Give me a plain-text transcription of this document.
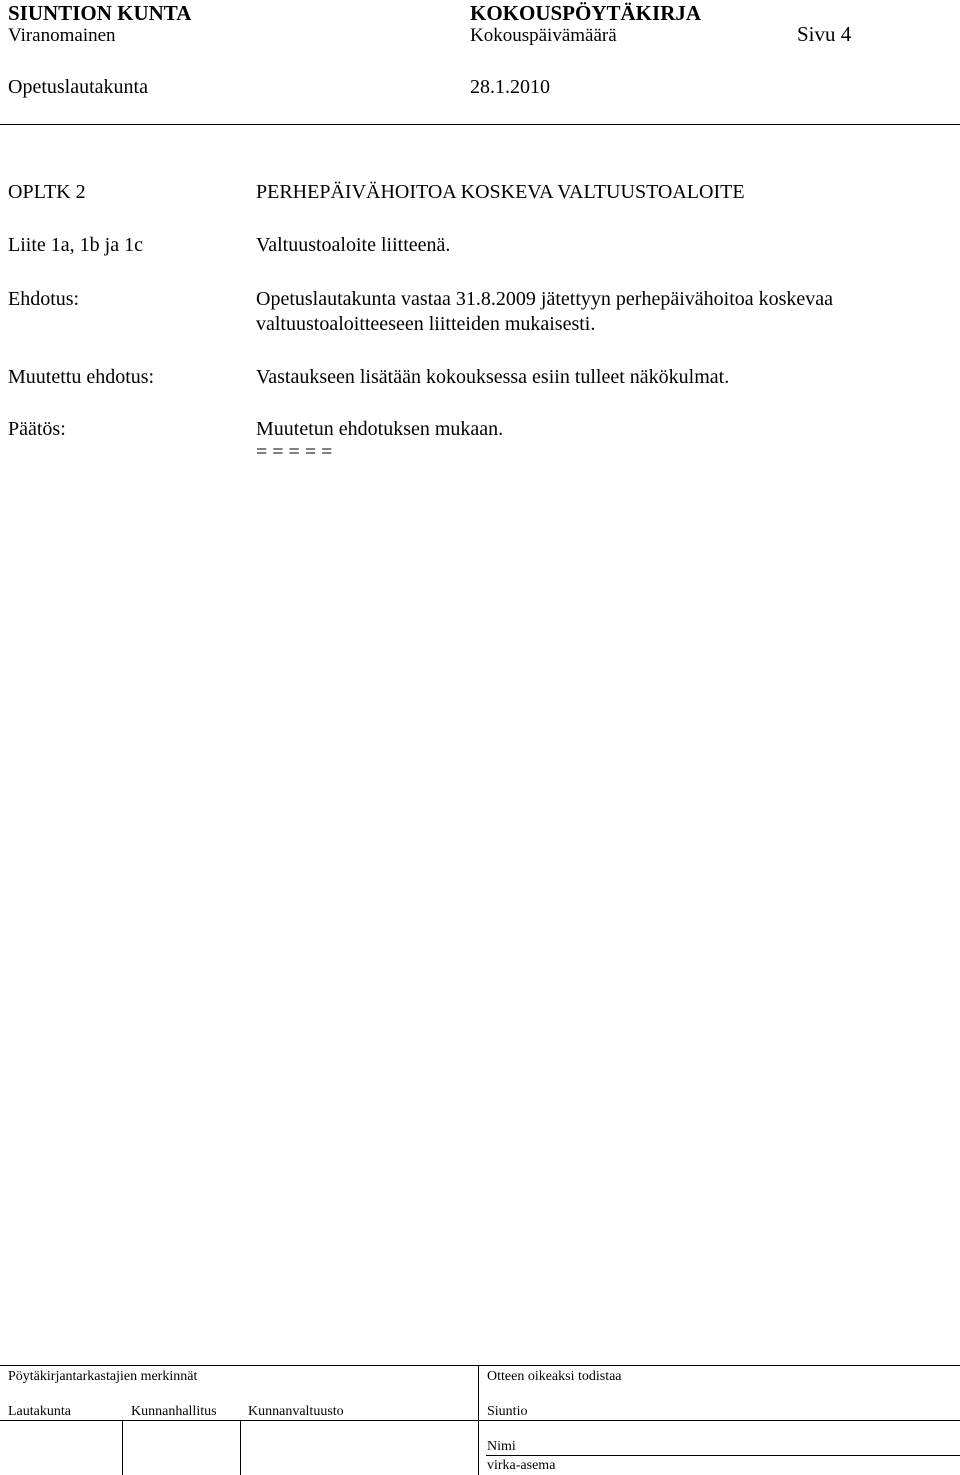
SIUNTION KUNTA	KOKOUSPÖYTÄKIRJA
Viranomainen	Kokouspäivämäärä	Sivu 4
Opetuslautakunta	28.1.2010
OPLTK 2	PERHEPÄIVÄHOITOA KOSKEVA VALTUUSTOALOITE
Liite 1a, 1b ja 1c	Valtuustoaloite liitteenä.
Ehdotus:	Opetuslautakunta vastaa 31.8.2009 jätettyyn perhepäivähoitoa koskevaa
valtuustoaloitteeseen liitteiden mukaisesti.
Muutettu ehdotus:	Vastaukseen lisätään kokouksessa esiin tulleet näkökulmat.
Päätös:	Muutetun ehdotuksen mukaan.
= = = = =
Pöytäkirjantarkastajien merkinnät	Otteen oikeaksi todistaa
Lautakunta	Kunnanhallitus Kunnanvaltuusto	Siuntio
Nimi
virka-asema
